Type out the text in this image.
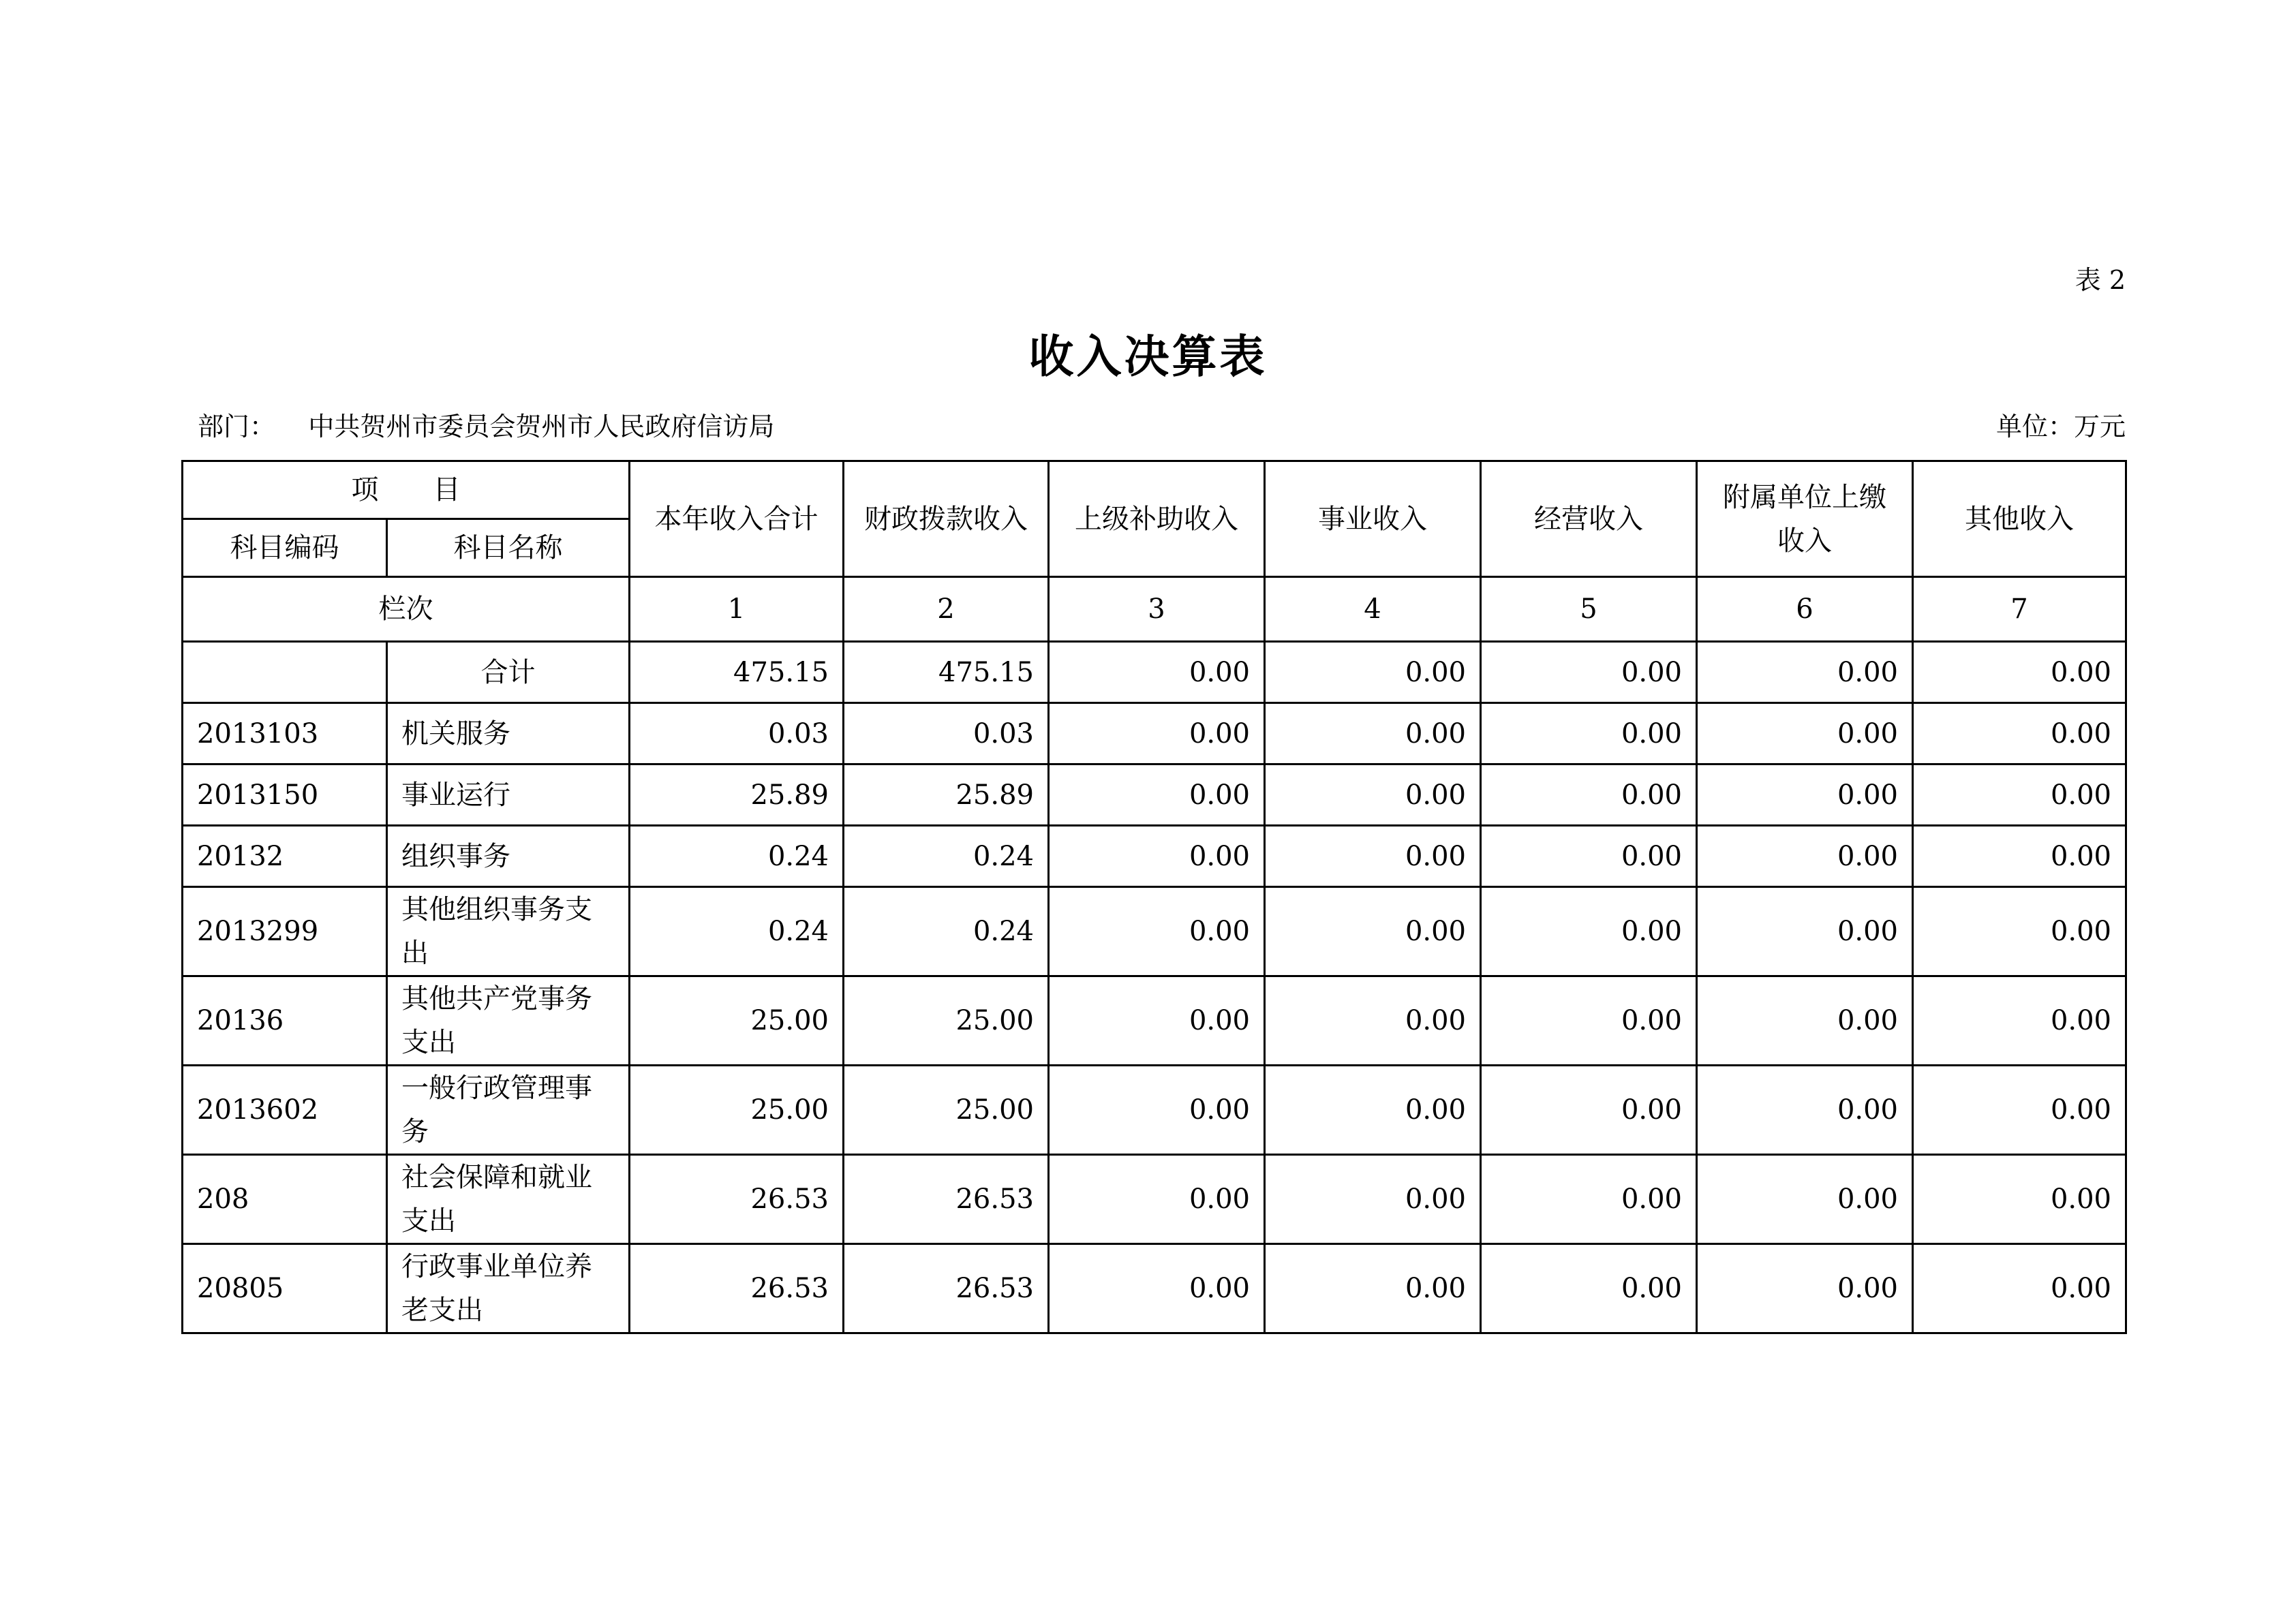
表 2
收入决算表
部门： 中共贺州市委员会贺州市人民政府信访局	单位：万元
项　　目		本年收入合计	财政拨款收入	上级补助收入	事业收入	经营收入	附属单位上缴收入	其他收入
科目编码	科目名称							
栏次		1	2	3	4	5	6	7
	合计	475.15	475.15	0.00	0.00	0.00	0.00	0.00
2013103	机关服务	0.03	0.03	0.00	0.00	0.00	0.00	0.00
2013150	事业运行	25.89	25.89	0.00	0.00	0.00	0.00	0.00
20132	组织事务	0.24	0.24	0.00	0.00	0.00	0.00	0.00
2013299	其他组织事务支出	0.24	0.24	0.00	0.00	0.00	0.00	0.00
20136	其他共产党事务支出	25.00	25.00	0.00	0.00	0.00	0.00	0.00
2013602	一般行政管理事务	25.00	25.00	0.00	0.00	0.00	0.00	0.00
208	社会保障和就业支出	26.53	26.53	0.00	0.00	0.00	0.00	0.00
20805	行政事业单位养老支出	26.53	26.53	0.00	0.00	0.00	0.00	0.00
